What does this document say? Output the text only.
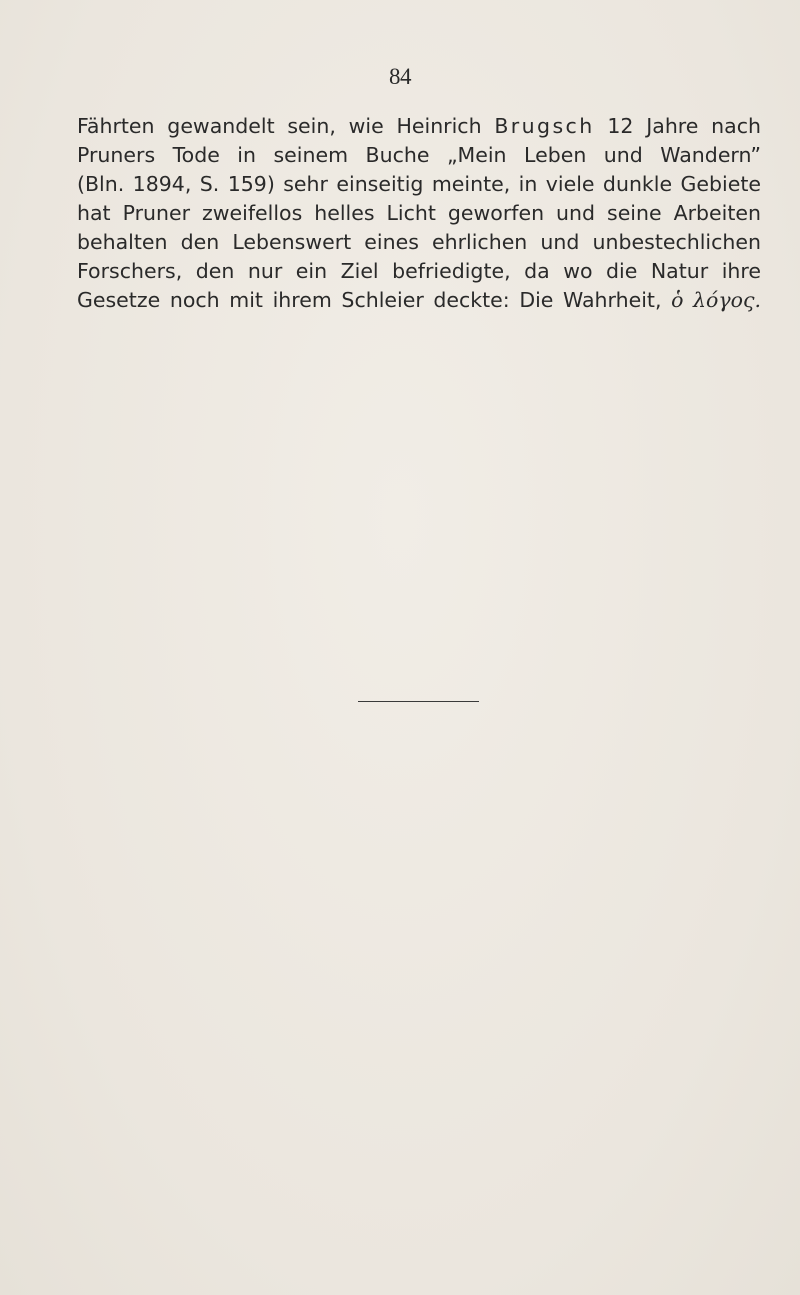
84
Fährten gewandelt sein, wie Heinrich Brugsch 12 Jahre nach
Pruners Tode in seinem Buche „Mein Leben und Wandern”
(Bln. 1894, S. 159) sehr einseitig meinte, in viele dunkle Gebiete
hat Pruner zweifellos helles Licht geworfen und seine Arbeiten
behalten den Lebenswert eines ehrlichen und unbestechlichen
Forschers, den nur ein Ziel befriedigte, da wo die Natur ihre
Gesetze noch mit ihrem Schleier deckte: Die Wahrheit, ὁ λόγος.
